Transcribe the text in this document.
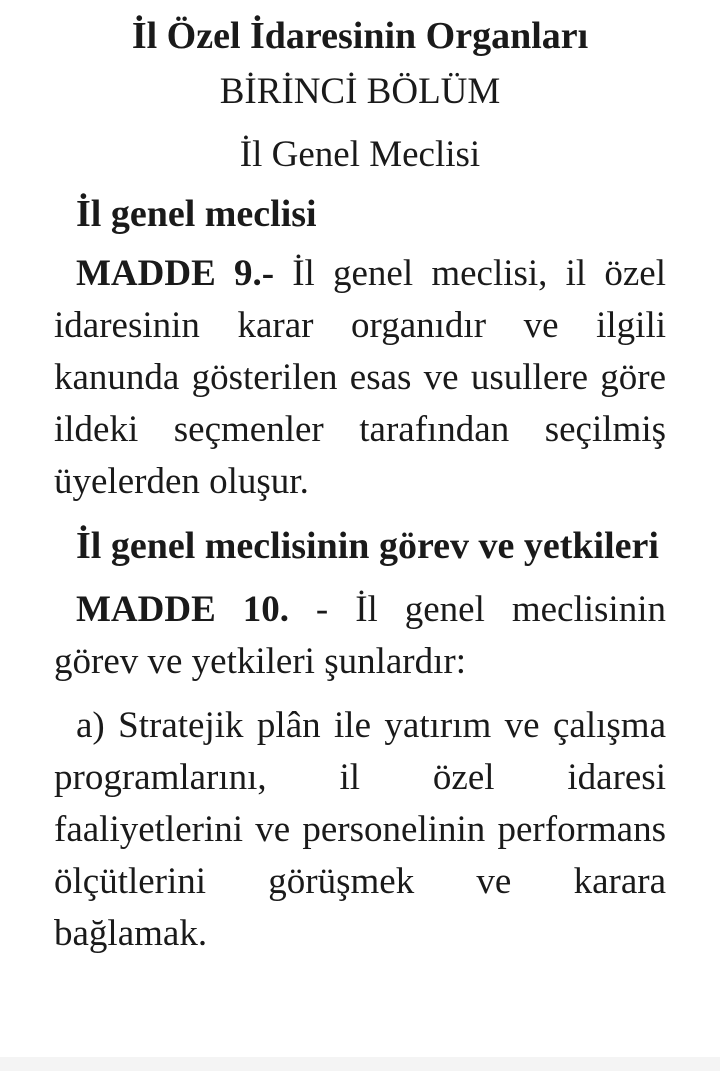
İl Özel İdaresinin Organları
BİRİNCİ BÖLÜM
İl Genel Meclisi
İl genel meclisi

MADDE 9.- İl genel meclisi, il özel idaresinin karar organıdır ve ilgili kanunda gösterilen esas ve usullere göre ildeki seçmenler tarafından seçilmiş üyelerden oluşur.

İl genel meclisinin görev ve yetkileri

MADDE 10. - İl genel meclisinin görev ve yetkileri şunlardır:

a) Stratejik plân ile yatırım ve çalışma programlarını, il özel idaresi faaliyetlerini ve personelinin performans ölçütlerini görüşmek ve karara bağlamak.
